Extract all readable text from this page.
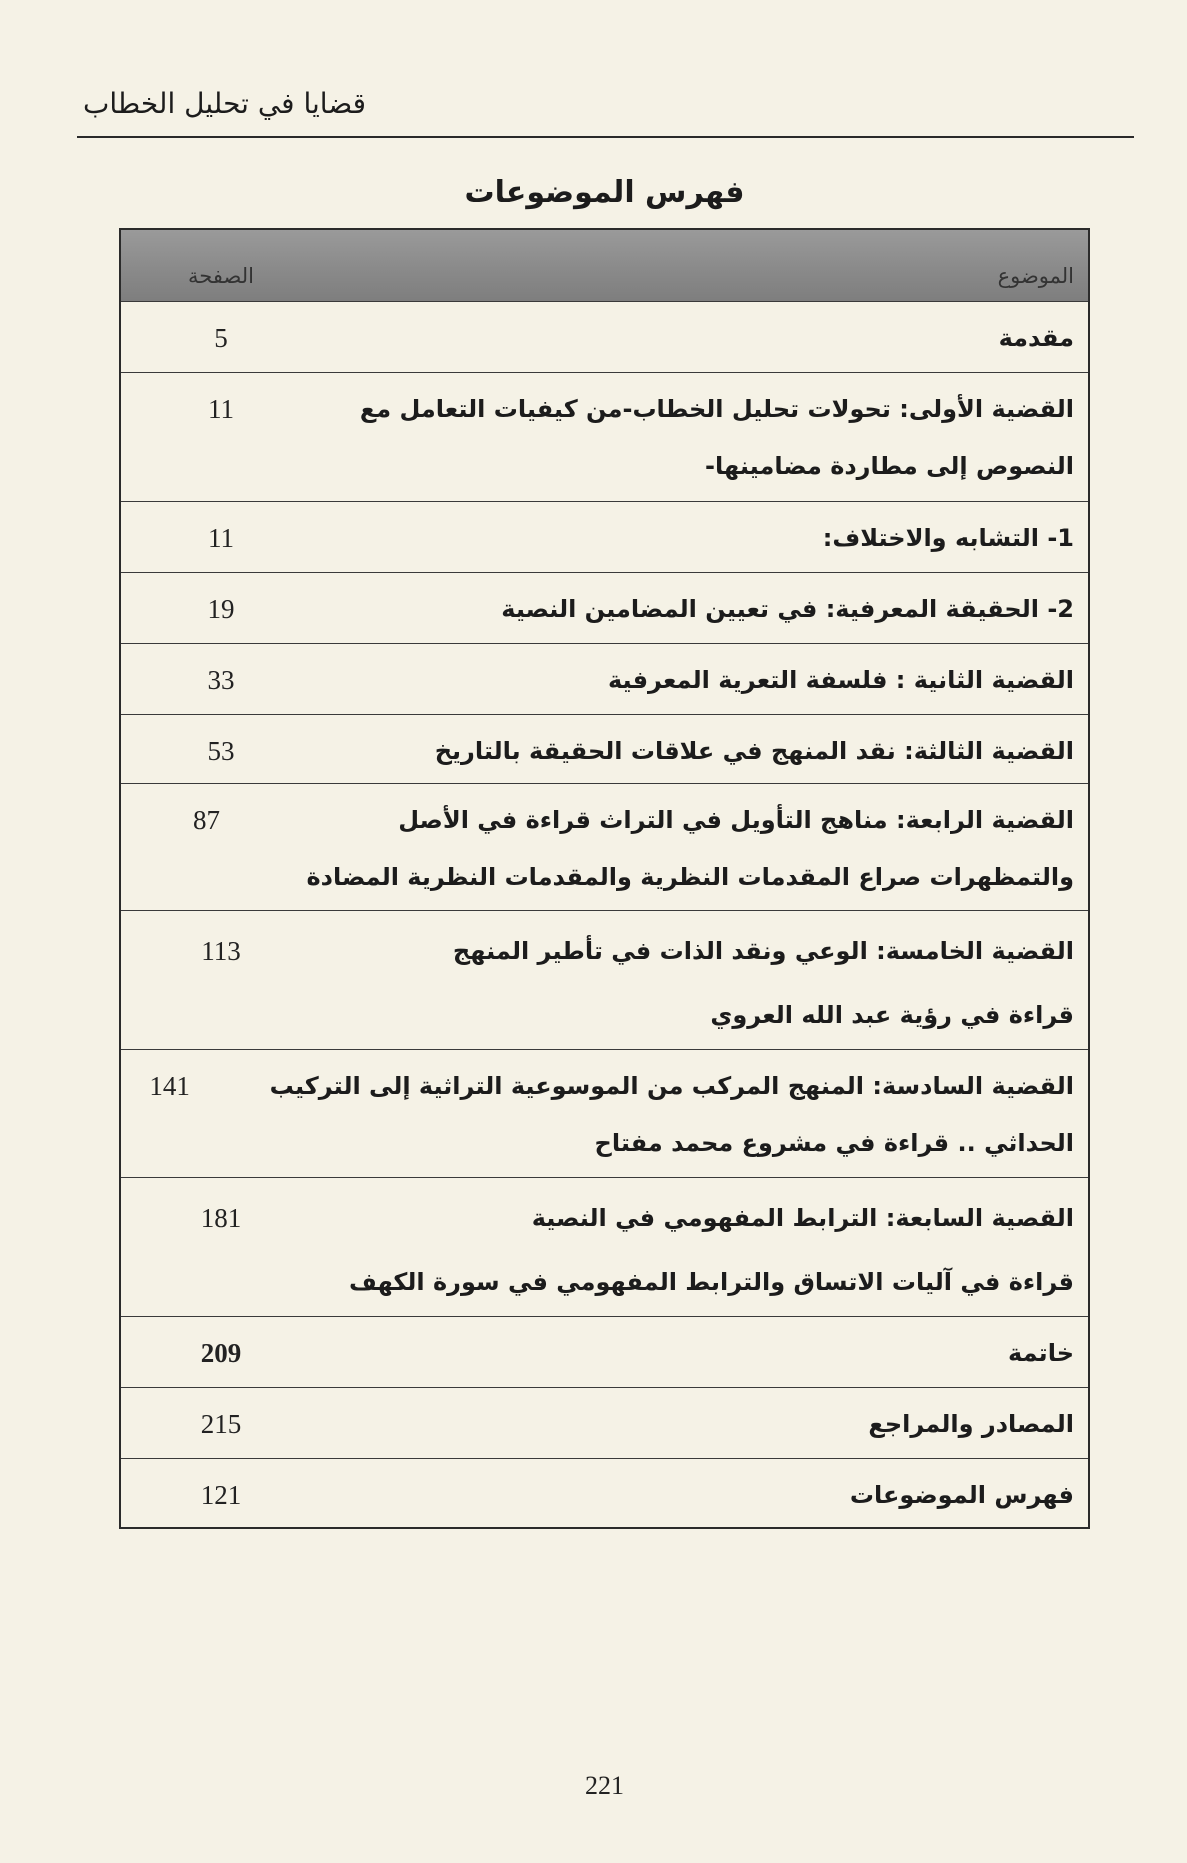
قضايا في تحليل الخطاب
فهرس الموضوعات
الموضوع
الصفحة
مقدمة
5
القضية الأولى: تحولات تحليل الخطاب-من كيفيات التعامل مع
النصوص إلى مطاردة مضامينها-
11
1- التشابه والاختلاف:
11
2- الحقيقة المعرفية: في تعيين المضامين النصية
19
القضية الثانية : فلسفة التعرية المعرفية
33
القضية الثالثة: نقد المنهج في علاقات الحقيقة بالتاريخ
53
القضية الرابعة: مناهج التأويل في التراث قراءة في الأصل
والتمظهرات صراع المقدمات النظرية والمقدمات النظرية المضادة
87
القضية الخامسة: الوعي ونقد الذات في تأطير المنهج
قراءة في رؤية عبد الله العروي
113
القضية السادسة: المنهج المركب من الموسوعية التراثية إلى التركيب
الحداثي .. قراءة في مشروع محمد مفتاح
141
القصية السابعة: الترابط المفهومي في النصية
قراءة في آليات الاتساق والترابط المفهومي في سورة الكهف
181
خاتمة
209
المصادر والمراجع
215
فهرس الموضوعات
121
221
